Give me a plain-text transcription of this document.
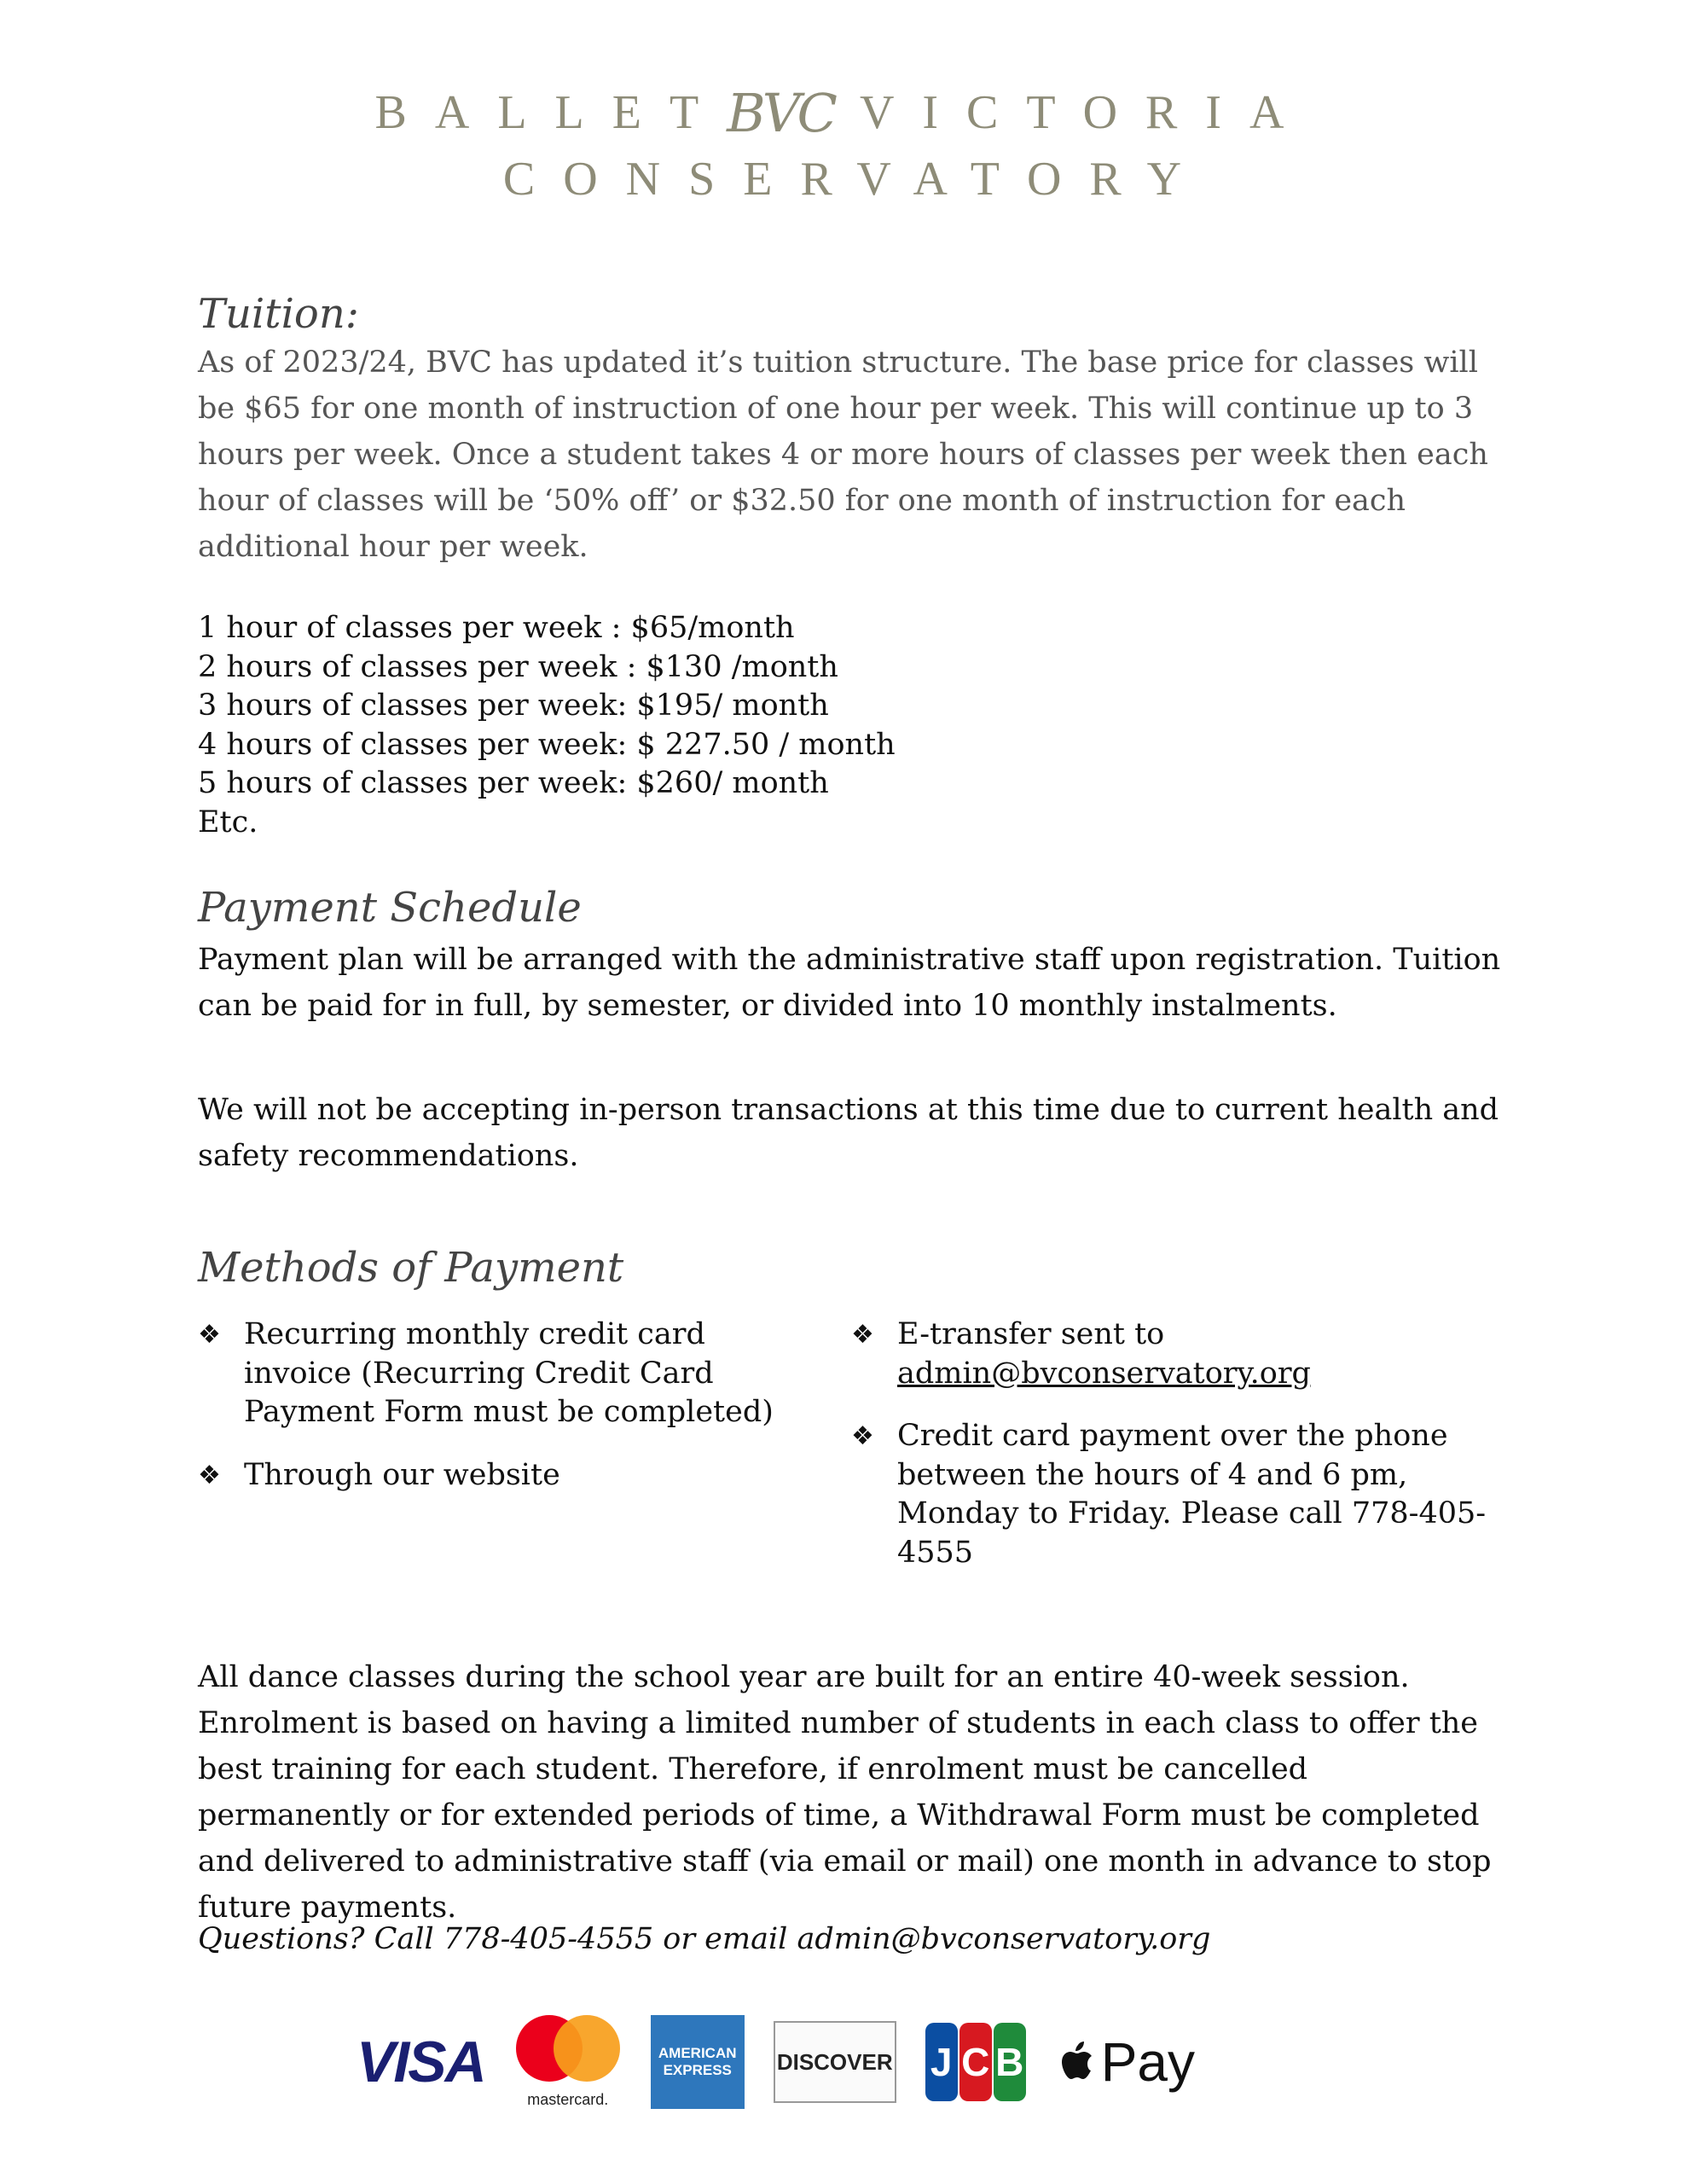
BALLET BVC VICTORIA
CONSERVATORY
Tuition:

As of 2023/24, BVC has updated it’s tuition structure. The base price for classes will be $65 for one month of instruction of one hour per week. This will continue up to 3 hours per week. Once a student takes 4 or more hours of classes per week then each hour of classes will be ‘50% off’ or $32.50 for one month of instruction for each additional hour per week.

1 hour of classes per week : $65/month
2 hours of classes per week : $130 /month
3 hours of classes per week: $195/ month
4 hours of classes per week: $ 227.50 / month
5 hours of classes per week: $260/ month
Etc.
Payment Schedule

Payment plan will be arranged with the administrative staff upon registration. Tuition can be paid for in full, by semester, or divided into 10 monthly instalments.

We will not be accepting in-person transactions at this time due to current health and safety recommendations.

Methods of Payment
❖ Recurring monthly credit card invoice (Recurring Credit Card Payment Form must be completed)
❖ Through our website
❖ E-transfer sent to
admin@bvconservatory.org
❖ Credit card payment over the phone between the hours of 4 and 6 pm, Monday to Friday. Please call 778-405-4555

All dance classes during the school year are built for an entire 40-week session. Enrolment is based on having a limited number of students in each class to offer the best training for each student. Therefore, if enrolment must be cancelled permanently or for extended periods of time, a Withdrawal Form must be completed and delivered to administrative staff (via email or mail) one month in advance to stop future payments.

Questions? Call 778-405-4555 or email admin@bvconservatory.org

VISA
mastercard.
AMERICAN
EXPRESS DISCOVER J C B Pay
